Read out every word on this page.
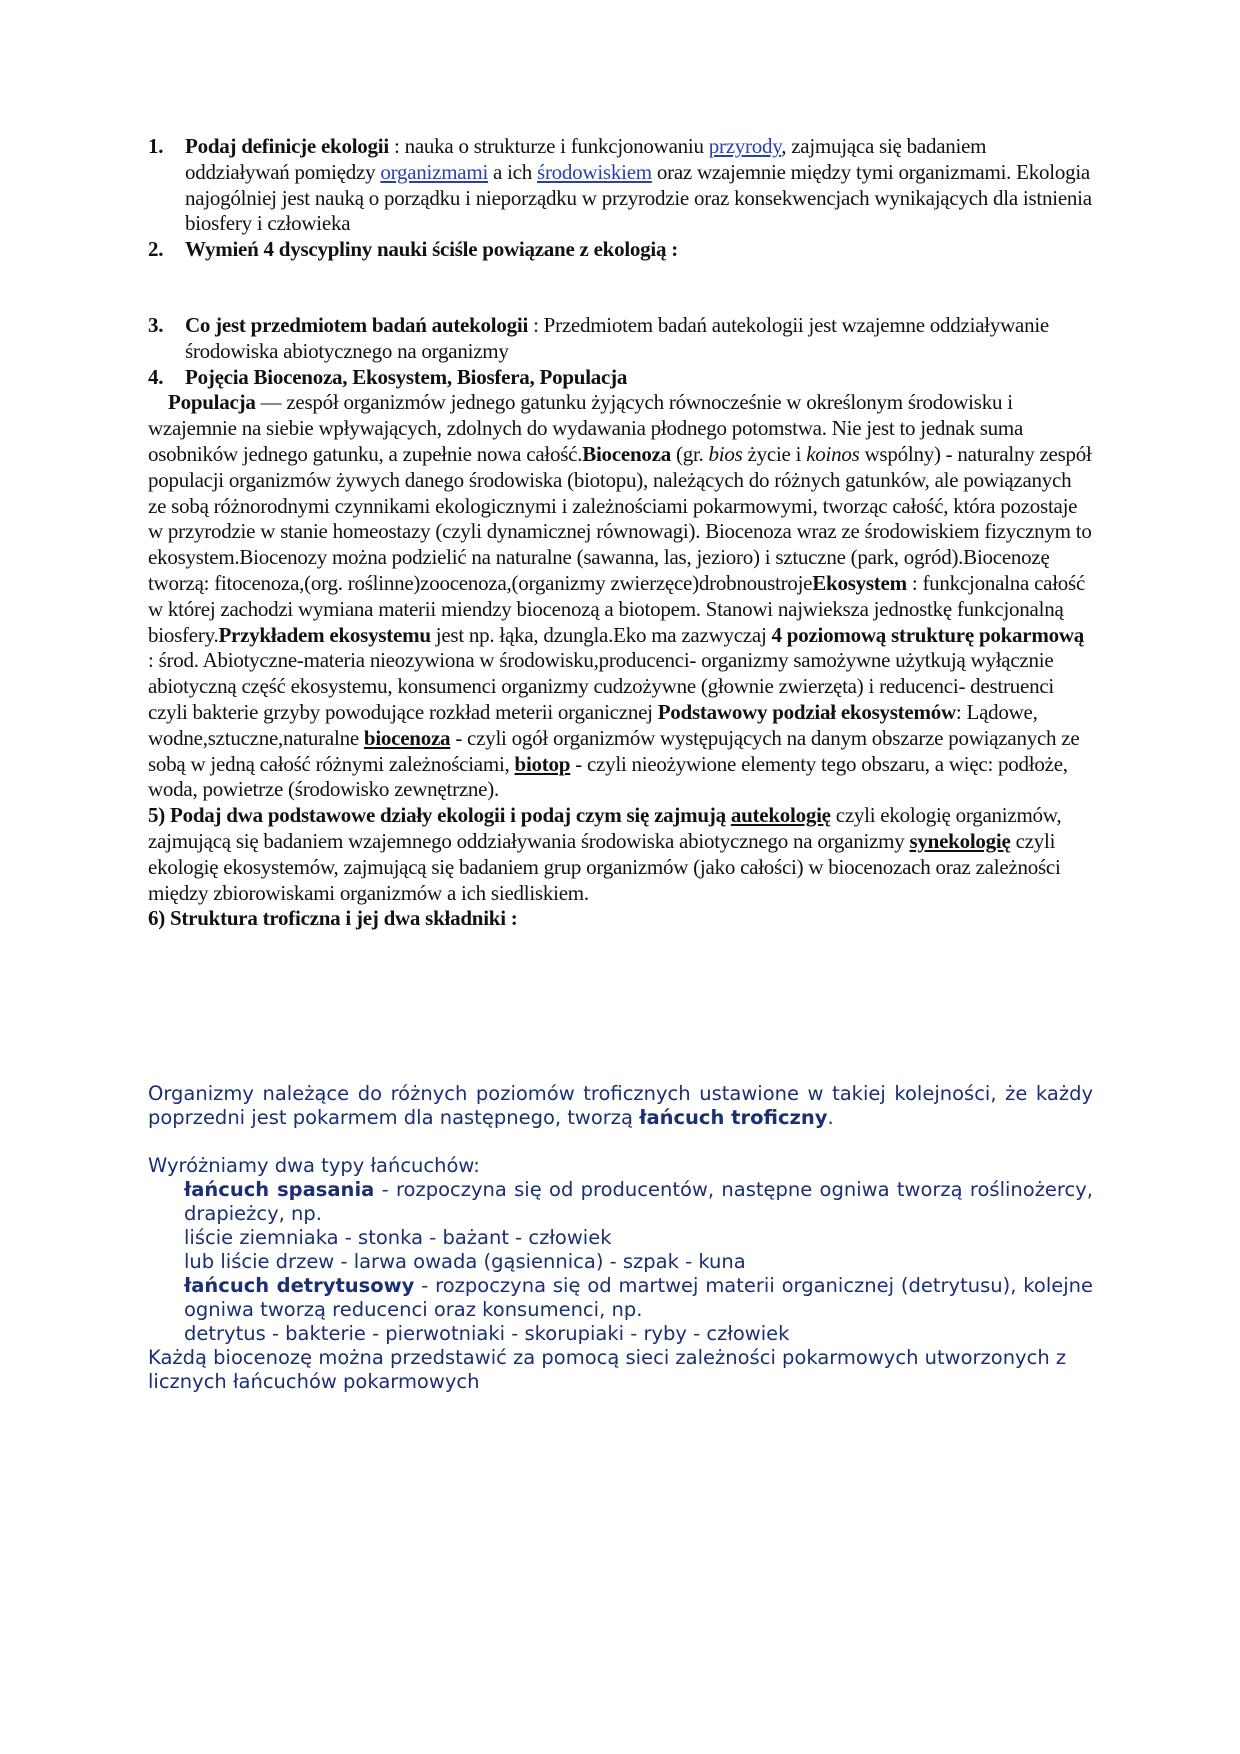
1. Podaj definicje ekologii : nauka o strukturze i funkcjonowaniu przyrody, zajmująca się badaniem oddziaływań pomiędzy organizmami a ich środowiskiem oraz wzajemnie między tymi organizmami. Ekologia najogólniej jest nauką o porządku i nieporządku w przyrodzie oraz konsekwencjach wynikających dla istnienia biosfery i człowieka

2. Wymień 4 dyscypliny nauki ściśle powiązane z ekologią :

3. Co jest przedmiotem badań autekologii : Przedmiotem badań autekologii jest wzajemne oddziaływanie środowiska abiotycznego na organizmy

4. Pojęcia Biocenoza, Ekosystem, Biosfera, Populacja

Populacja — zespół organizmów jednego gatunku żyjących równocześnie w określonym środowisku i wzajemnie na siebie wpływających, zdolnych do wydawania płodnego potomstwa. Nie jest to jednak suma osobników jednego gatunku, a zupełnie nowa całość.Biocenoza (gr. bios życie i koinos wspólny) - naturalny zespół populacji organizmów żywych danego środowiska (biotopu), należących do różnych gatunków, ale powiązanych ze sobą różnorodnymi czynnikami ekologicznymi i zależnościami pokarmowymi, tworząc całość, która pozostaje w przyrodzie w stanie homeostazy (czyli dynamicznej równowagi). Biocenoza wraz ze środowiskiem fizycznym to ekosystem.Biocenozy można podzielić na naturalne (sawanna, las, jezioro) i sztuczne (park, ogród).Biocenozę tworzą: fitocenoza,(org. roślinne)zoocenoza,(organizmy zwierzęce)drobnoustrojeEkosystem : funkcjonalna całość w której zachodzi wymiana materii miendzy biocenozą a biotopem. Stanowi najwieksza jednostkę funkcjonalną biosfery.Przykładem ekosystemu jest np. łąka, dzungla.Eko ma zazwyczaj 4 poziomową strukturę pokarmową : środ. Abiotyczne-materia nieozywiona w środowisku,producenci- organizmy samożywne użytkują wyłącznie abiotyczną część ekosystemu, konsumenci organizmy cudzożywne (głownie zwierzęta) i reducenci- destruenci czyli bakterie grzyby powodujące rozkład meterii organicznej Podstawowy podział ekosystemów: Lądowe, wodne,sztuczne,naturalne biocenoza - czyli ogół organizmów występujących na danym obszarze powiązanych ze sobą w jedną całość różnymi zależnościami, biotop - czyli nieożywione elementy tego obszaru, a więc: podłoże, woda, powietrze (środowisko zewnętrzne).

5) Podaj dwa podstawowe działy ekologii i podaj czym się zajmują autekologię czyli ekologię organizmów, zajmującą się badaniem wzajemnego oddziaływania środowiska abiotycznego na organizmy synekologię czyli ekologię ekosystemów, zajmującą się badaniem grup organizmów (jako całości) w biocenozach oraz zależności między zbiorowiskami organizmów a ich siedliskiem.

6) Struktura troficzna i jej dwa składniki :

Organizmy należące do różnych poziomów troficznych ustawione w takiej kolejności, że każdy poprzedni jest pokarmem dla następnego, tworzą łańcuch troficzny.

Wyróżniamy dwa typy łańcuchów:

łańcuch spasania - rozpoczyna się od producentów, następne ogniwa tworzą roślinożercy, drapieżcy, np.

liście ziemniaka - stonka - bażant - człowiek

lub liście drzew - larwa owada (gąsiennica) - szpak - kuna

łańcuch detrytusowy - rozpoczyna się od martwej materii organicznej (detrytusu), kolejne ogniwa tworzą reducenci oraz konsumenci, np.

detrytus - bakterie - pierwotniaki - skorupiaki - ryby - człowiek

Każdą biocenozę można przedstawić za pomocą sieci zależności pokarmowych utworzonych z licznych łańcuchów pokarmowych
